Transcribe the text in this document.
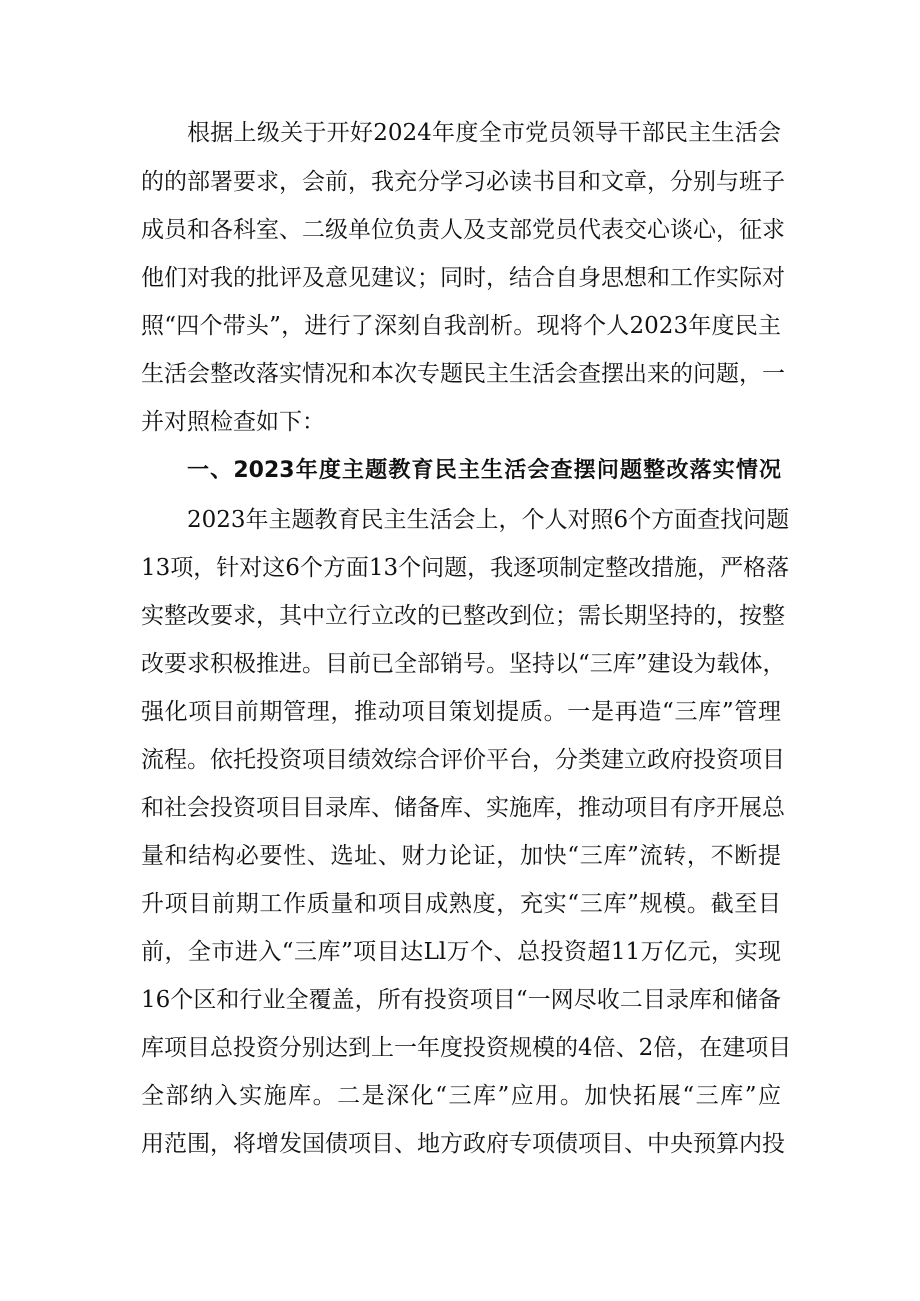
根据上级关于开好2024年度全市党员领导干部民主生活会
的的部署要求，会前，我充分学习必读书目和文章，分别与班子
成员和各科室、二级单位负责人及支部党员代表交心谈心，征求
他们对我的批评及意见建议；同时，结合自身思想和工作实际对
照“四个带头”，进行了深刻自我剖析。现将个人2023年度民主
生活会整改落实情况和本次专题民主生活会查摆出来的问题，一
并对照检查如下：
一、2023年度主题教育民主生活会查摆问题整改落实情况
2023年主题教育民主生活会上，个人对照6个方面查找问题
13项，针对这6个方面13个问题，我逐项制定整改措施，严格落
实整改要求，其中立行立改的已整改到位；需长期坚持的，按整
改要求积极推进。目前已全部销号。坚持以“三库”建设为载体，
强化项目前期管理，推动项目策划提质。一是再造“三库”管理
流程。依托投资项目绩效综合评价平台，分类建立政府投资项目
和社会投资项目目录库、储备库、实施库，推动项目有序开展总
量和结构必要性、选址、财力论证，加快“三库”流转，不断提
升项目前期工作质量和项目成熟度，充实“三库”规模。截至目
前，全市进入“三库”项目达Ll万个、总投资超11万亿元，实现
16个区和行业全覆盖，所有投资项目“一网尽收二目录库和储备
库项目总投资分别达到上一年度投资规模的4倍、2倍，在建项目
全部纳入实施库。二是深化“三库”应用。加快拓展“三库”应
用范围，将增发国债项目、地方政府专项债项目、中央预算内投
